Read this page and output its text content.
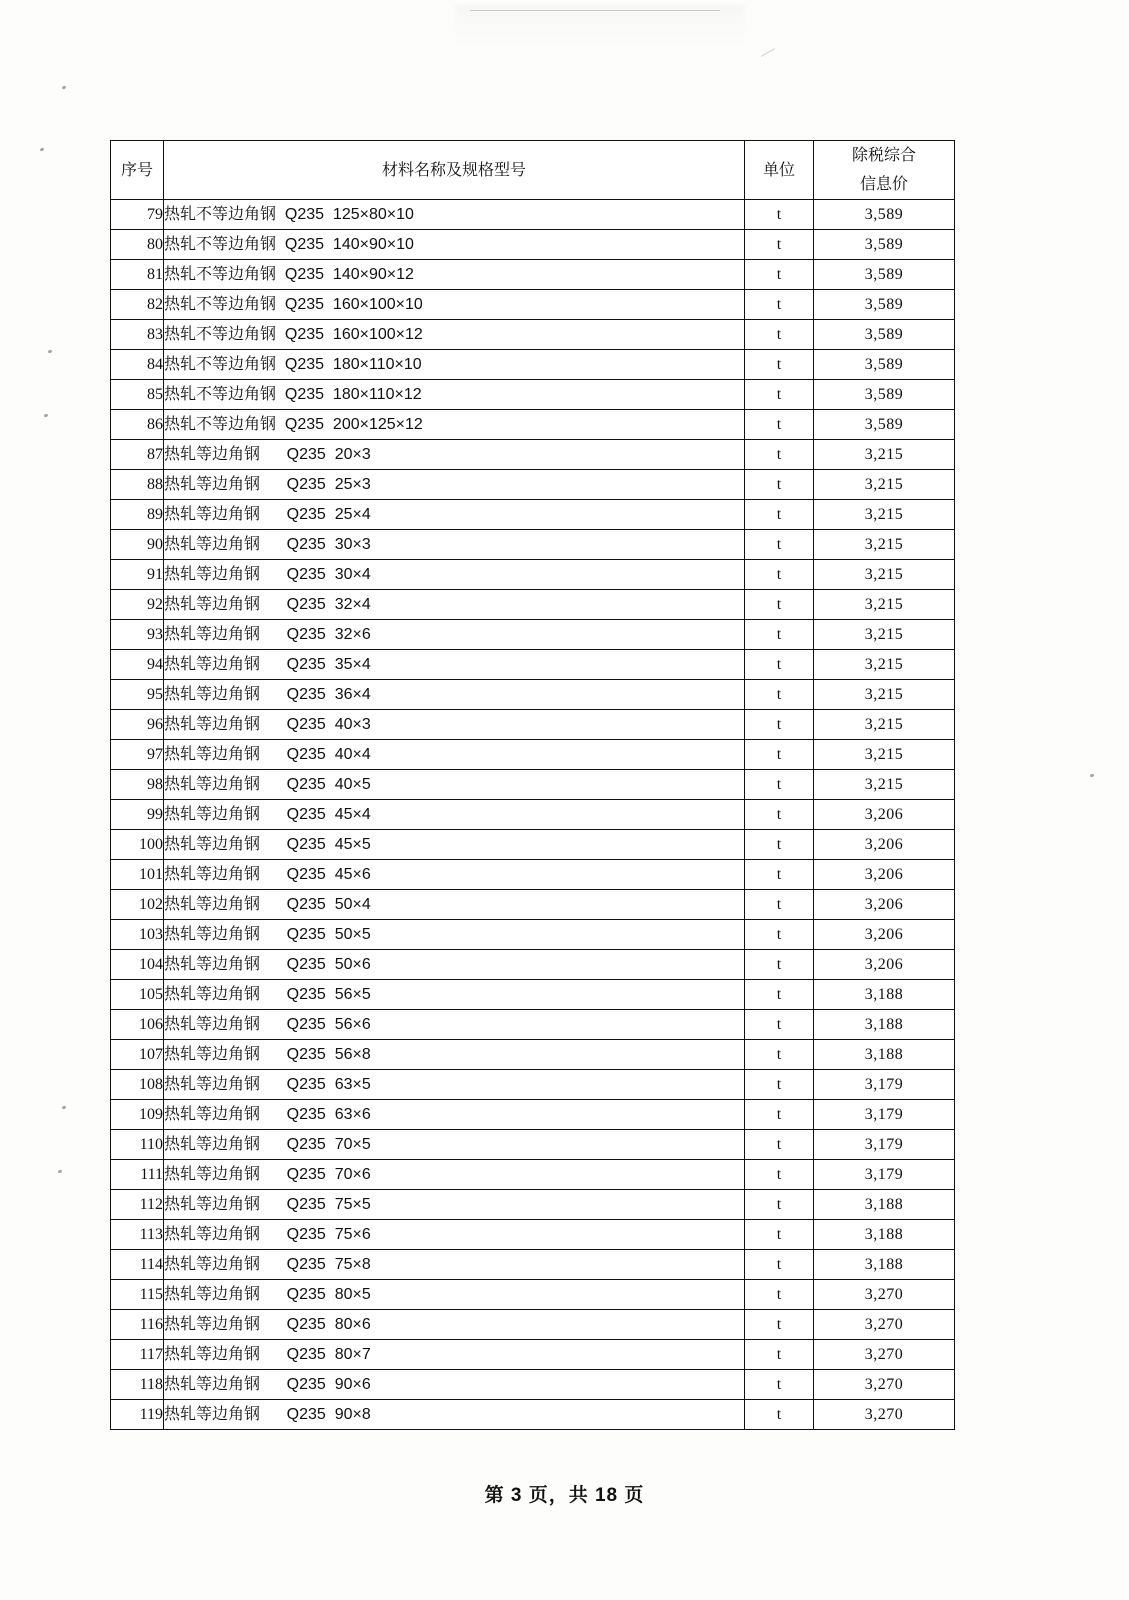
序号	材料名称及规格型号	单位	除税综合
信息价
79	热轧不等边角钢  Q235  125×80×10	t	3,589
80	热轧不等边角钢  Q235  140×90×10	t	3,589
81	热轧不等边角钢  Q235  140×90×12	t	3,589
82	热轧不等边角钢  Q235  160×100×10	t	3,589
83	热轧不等边角钢  Q235  160×100×12	t	3,589
84	热轧不等边角钢  Q235  180×110×10	t	3,589
85	热轧不等边角钢  Q235  180×110×12	t	3,589
86	热轧不等边角钢  Q235  200×125×12	t	3,589
87	热轧等边角钢      Q235  20×3	t	3,215
88	热轧等边角钢      Q235  25×3	t	3,215
89	热轧等边角钢      Q235  25×4	t	3,215
90	热轧等边角钢      Q235  30×3	t	3,215
91	热轧等边角钢      Q235  30×4	t	3,215
92	热轧等边角钢      Q235  32×4	t	3,215
93	热轧等边角钢      Q235  32×6	t	3,215
94	热轧等边角钢      Q235  35×4	t	3,215
95	热轧等边角钢      Q235  36×4	t	3,215
96	热轧等边角钢      Q235  40×3	t	3,215
97	热轧等边角钢      Q235  40×4	t	3,215
98	热轧等边角钢      Q235  40×5	t	3,215
99	热轧等边角钢      Q235  45×4	t	3,206
100	热轧等边角钢      Q235  45×5	t	3,206
101	热轧等边角钢      Q235  45×6	t	3,206
102	热轧等边角钢      Q235  50×4	t	3,206
103	热轧等边角钢      Q235  50×5	t	3,206
104	热轧等边角钢      Q235  50×6	t	3,206
105	热轧等边角钢      Q235  56×5	t	3,188
106	热轧等边角钢      Q235  56×6	t	3,188
107	热轧等边角钢      Q235  56×8	t	3,188
108	热轧等边角钢      Q235  63×5	t	3,179
109	热轧等边角钢      Q235  63×6	t	3,179
110	热轧等边角钢      Q235  70×5	t	3,179
111	热轧等边角钢      Q235  70×6	t	3,179
112	热轧等边角钢      Q235  75×5	t	3,188
113	热轧等边角钢      Q235  75×6	t	3,188
114	热轧等边角钢      Q235  75×8	t	3,188
115	热轧等边角钢      Q235  80×5	t	3,270
116	热轧等边角钢      Q235  80×6	t	3,270
117	热轧等边角钢      Q235  80×7	t	3,270
118	热轧等边角钢      Q235  90×6	t	3,270
119	热轧等边角钢      Q235  90×8	t	3,270
第 3 页，共 18 页
